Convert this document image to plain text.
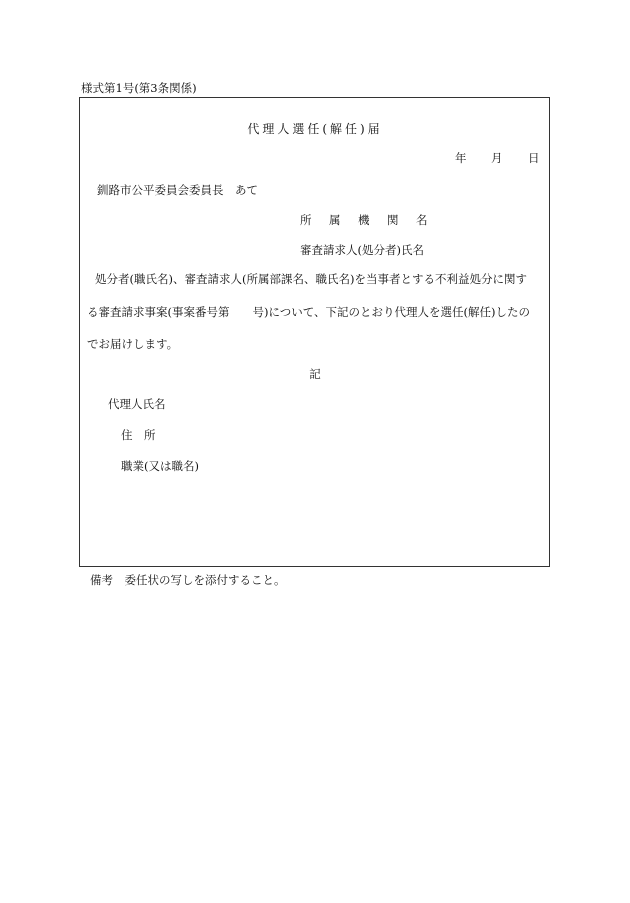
様式第1号(第3条関係)
代理人選任(解任)届
年 月 日
釧路市公平委員会委員長　あて
所 属 機 関 名
審査請求人(処分者)氏名
処分者(職氏名)、審査請求人(所属部課名、職氏名)を当事者とする不利益処分に関す
る審査請求事案(事案番号第　　号)について、下記のとおり代理人を選任(解任)したの
でお届けします。
記
代理人氏名
住　所
職業(又は職名)
備考　委任状の写しを添付すること。
